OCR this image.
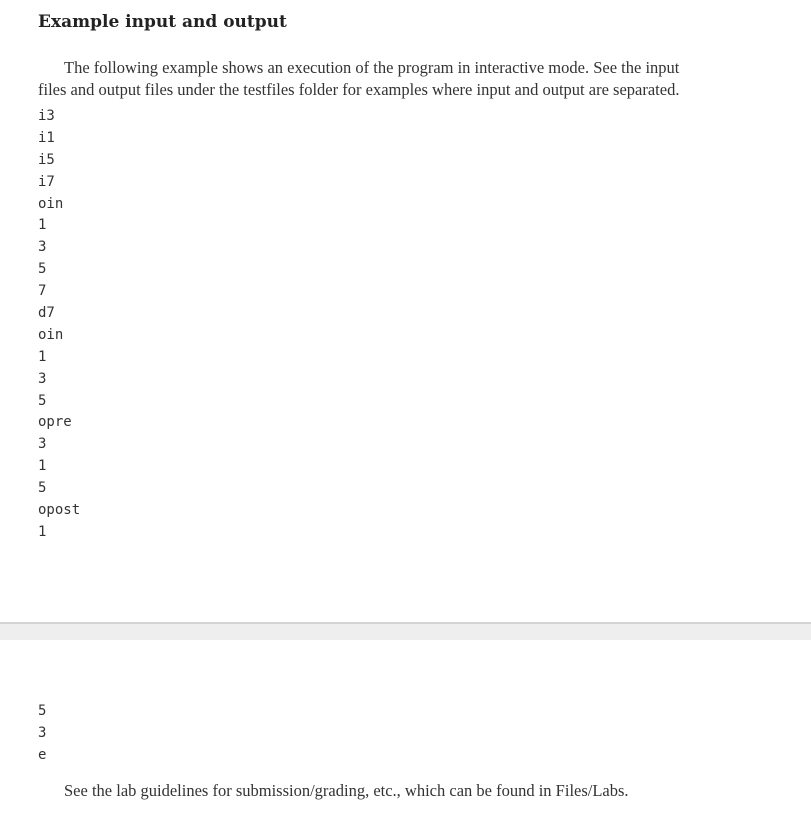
Example input and output

The following example shows an execution of the program in interactive mode. See the input
files and output files under the testfiles folder for examples where input and output are separated.

i3
i1
i5
i7
oin
1
3
5
7
d7
oin
1
3
5
opre
3
1
5
opost
1
5
3
e

See the lab guidelines for submission/grading, etc., which can be found in Files/Labs.
